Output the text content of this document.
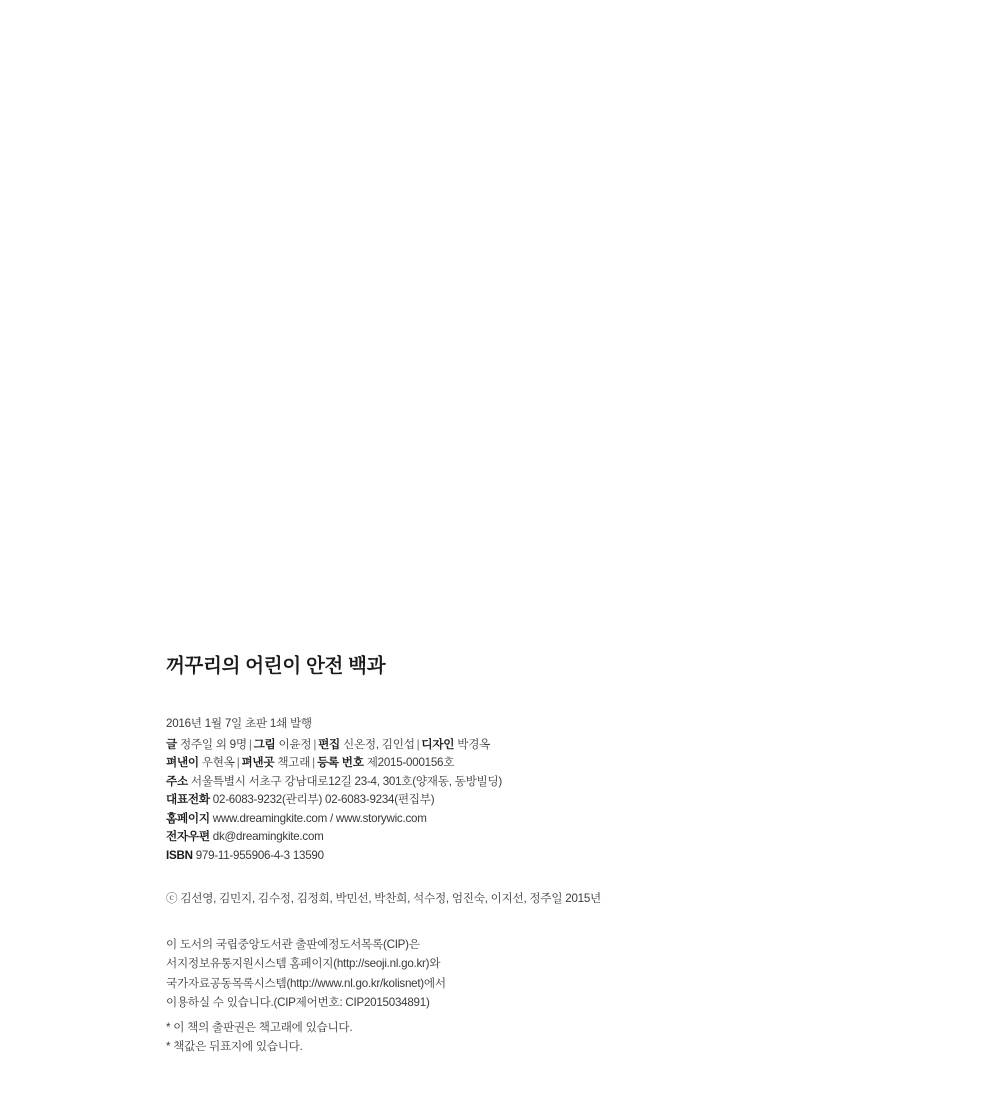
꺼꾸리의 어린이 안전 백과
2016년 1월 7일 초판 1쇄 발행
글 정주일 외 9명 | 그림 이윤정 | 편집 신온정, 김인섭 | 디자인 박경옥
펴낸이 우현옥 | 펴낸곳 책고래 | 등록 번호 제2015-000156호
주소 서울특별시 서초구 강남대로12길 23-4, 301호(양재동, 동방빌딩)
대표전화 02-6083-9232(관리부) 02-6083-9234(편집부)
홈페이지 www.dreamingkite.com / www.storywic.com
전자우편 dk@dreamingkite.com
ISBN 979-11-955906-4-3 13590
ⓒ 김선영, 김민지, 김수정, 김정희, 박민선, 박찬희, 석수정, 엄진숙, 이지선, 정주일 2015년
이 도서의 국립중앙도서관 출판예정도서목록(CIP)은
서지정보유통지원시스템 홈페이지(http://seoji.nl.go.kr)와
국가자료공동목록시스템(http://www.nl.go.kr/kolisnet)에서
이용하실 수 있습니다.(CIP제어번호: CIP2015034891)
* 이 책의 출판권은 책고래에 있습니다.
* 책값은 뒤표지에 있습니다.
